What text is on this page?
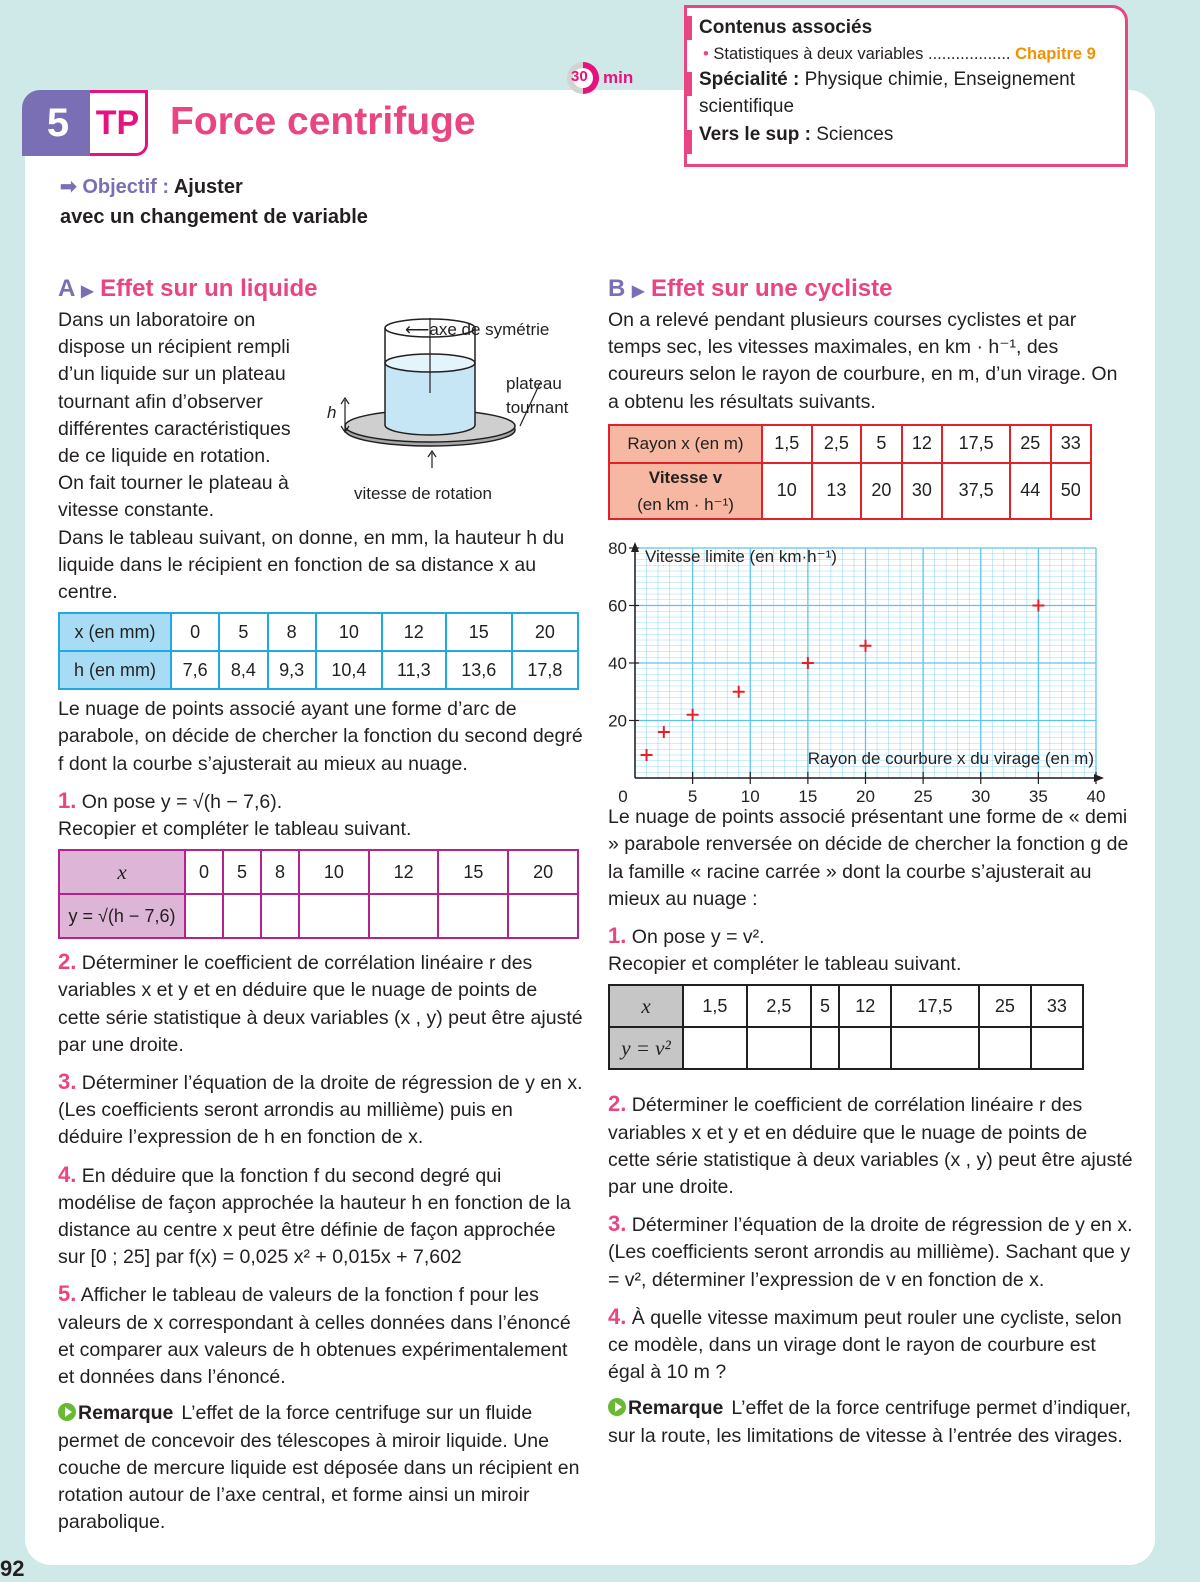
5 TP Force centrifuge
30 min
Contenus associés
• Statistiques à deux variables .................. Chapitre 9
Spécialité : Physique chimie, Enseignement
scientifique
Vers le sup : Sciences
➡ Objectif : Ajuster
avec un changement de variable
A ▶ Effet sur un liquide

Dans un laboratoire on

dispose un récipient rempli

d’un liquide sur un plateau

tournant afin d’observer

différentes caractéristiques

de ce liquide en rotation.

On fait tourner le plateau à

vitesse constante.

Dans le tableau suivant, on donne, en mm, la hauteur h du liquide dans le récipient en fonction de sa distance x au centre.

x (en mm)	0	5	8	10	12	15	20
h (en mm)	7,6	8,4	9,3	10,4	11,3	13,6	17,8

Le nuage de points associé ayant une forme d’arc de parabole, on décide de chercher la fonction du second degré f dont la courbe s’ajusterait au mieux au nuage.

1. On pose y = √(h − 7,6).

Recopier et compléter le tableau suivant.

x	0	5	8	10	12	15	20
y = √(h − 7,6)							

2. Déterminer le coefficient de corrélation linéaire r des variables x et y et en déduire que le nuage de points de cette série statistique à deux variables (x , y) peut être ajusté par une droite.

3. Déterminer l’équation de la droite de régression de y en x. (Les coefficients seront arrondis au millième) puis en déduire l’expression de h en fonction de x.

4. En déduire que la fonction f du second degré qui modélise de façon approchée la hauteur h en fonction de la distance au centre x peut être définie de façon approchée sur [0 ; 25] par f(x) = 0,025 x² + 0,015x + 7,602

5. Afficher le tableau de valeurs de la fonction f pour les valeurs de x correspondant à celles données dans l’énoncé et comparer aux valeurs de h obtenues expérimentalement et données dans l’énoncé.

Remarque L’effet de la force centrifuge sur un fluide permet de concevoir des télescopes à miroir liquide. Une couche de mercure liquide est déposée dans un récipient en rotation autour de l’axe central, et forme ainsi un miroir parabolique.

⟵axe de symétrie
plateau
tournant
vitesse de rotation
h
B ▶ Effet sur une cycliste

On a relevé pendant plusieurs courses cyclistes et par temps sec, les vitesses maximales, en km · h⁻¹, des coureurs selon le rayon de courbure, en m, d’un virage. On a obtenu les résultats suivants.

Rayon x (en m)	1,5	2,5	5	12	17,5	25	33

Vitesse v
(en km · h⁻¹)	10	13	20	30	37,5	44	50
0	5	10 15 20 25 30 35 40
20
40
60
80 Vitesse limite (en km·h⁻¹)
Rayon de courbure x du virage (en m)

Le nuage de points associé présentant une forme de « demi » parabole renversée on décide de chercher la fonction g de la famille « racine carrée » dont la courbe s’ajusterait au mieux au nuage :

1. On pose y = v².

Recopier et compléter le tableau suivant.

x	1,5	2,5	5	12	17,5	25	33
y = v²							

2. Déterminer le coefficient de corrélation linéaire r des variables x et y et en déduire que le nuage de points de cette série statistique à deux variables (x , y) peut être ajusté par une droite.

3. Déterminer l’équation de la droite de régression de y en x. (Les coefficients seront arrondis au millième). Sachant que y = v², déterminer l’expression de v en fonction de x.

4. À quelle vitesse maximum peut rouler une cycliste, selon ce modèle, dans un virage dont le rayon de courbure est égal à 10 m ?

Remarque L’effet de la force centrifuge permet d’indiquer, sur la route, les limitations de vitesse à l’entrée des virages.

92
